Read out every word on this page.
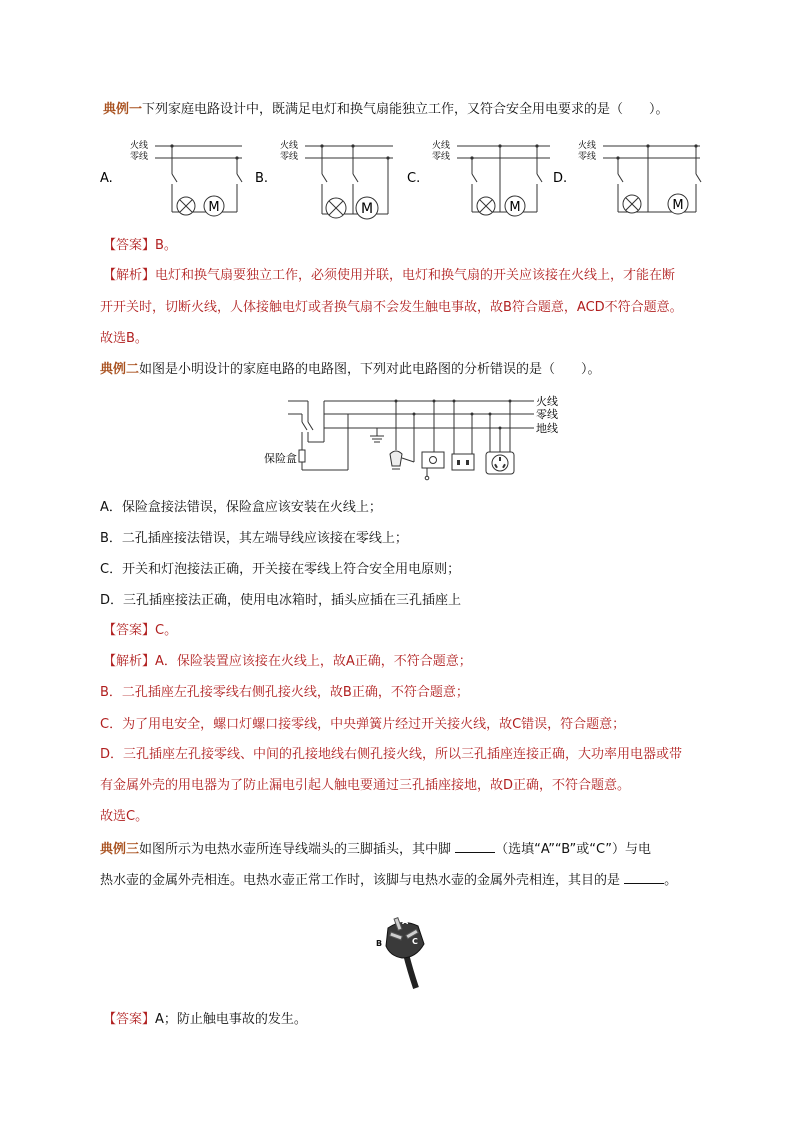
典例一下列家庭电路设计中，既满足电灯和换气扇能独立工作，又符合安全用电要求的是（　　）。
A.
火线
零线
M
B.
火线
零线
M
C.
火线
零线
M
D.
火线
零线
M
【答案】B。
【解析】电灯和换气扇要独立工作，必须使用并联，电灯和换气扇的开关应该接在火线上，才能在断
开开关时，切断火线，人体接触电灯或者换气扇不会发生触电事故，故B符合题意，ACD不符合题意。
故选B。
典例二如图是小明设计的家庭电路的电路图，下列对此电路图的分析错误的是（　　）。
火线
零线
地线
保险盒
A．保险盒接法错误，保险盒应该安装在火线上；
B．二孔插座接法错误，其左端导线应该接在零线上；
C．开关和灯泡接法正确，开关接在零线上符合安全用电原则；
D．三孔插座接法正确，使用电冰箱时，插头应插在三孔插座上
【答案】C。
【解析】A．保险装置应该接在火线上，故A正确，不符合题意；
B．二孔插座左孔接零线右侧孔接火线，故B正确，不符合题意；
C．为了用电安全，螺口灯螺口接零线，中央弹簧片经过开关接火线，故C错误，符合题意；
D．三孔插座左孔接零线、中间的孔接地线右侧孔接火线，所以三孔插座连接正确，大功率用电器或带
有金属外壳的用电器为了防止漏电引起人触电要通过三孔插座接地，故D正确，不符合题意。
故选C。
典例三如图所示为电热水壶所连导线端头的三脚插头，其中脚	（选填“A”“B”或“C”）与电
热水壶的金属外壳相连。电热水壶正常工作时，该脚与电热水壶的金属外壳相连，其目的是	。
A
B	C
【答案】A；防止触电事故的发生。
